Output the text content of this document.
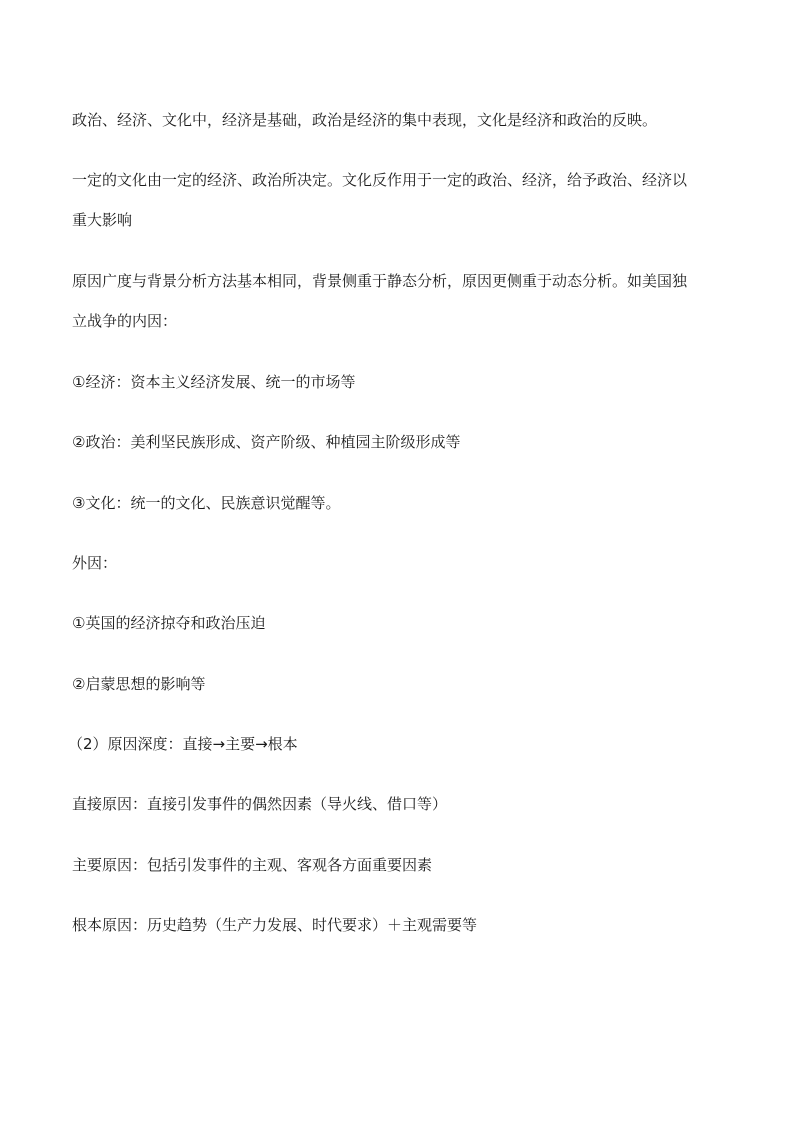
政治、经济、文化中，经济是基础，政治是经济的集中表现，文化是经济和政治的反映。
一定的文化由一定的经济、政治所决定。文化反作用于一定的政治、经济，给予政治、经济以
重大影响
原因广度与背景分析方法基本相同，背景侧重于静态分析，原因更侧重于动态分析。如美国独
立战争的内因：
①经济：资本主义经济发展、统一的市场等
②政治：美利坚民族形成、资产阶级、种植园主阶级形成等
③文化：统一的文化、民族意识觉醒等。
外因：
①英国的经济掠夺和政治压迫
②启蒙思想的影响等
（2）原因深度：直接→主要→根本
直接原因：直接引发事件的偶然因素（导火线、借口等）
主要原因：包括引发事件的主观、客观各方面重要因素
根本原因：历史趋势（生产力发展、时代要求）＋主观需要等
